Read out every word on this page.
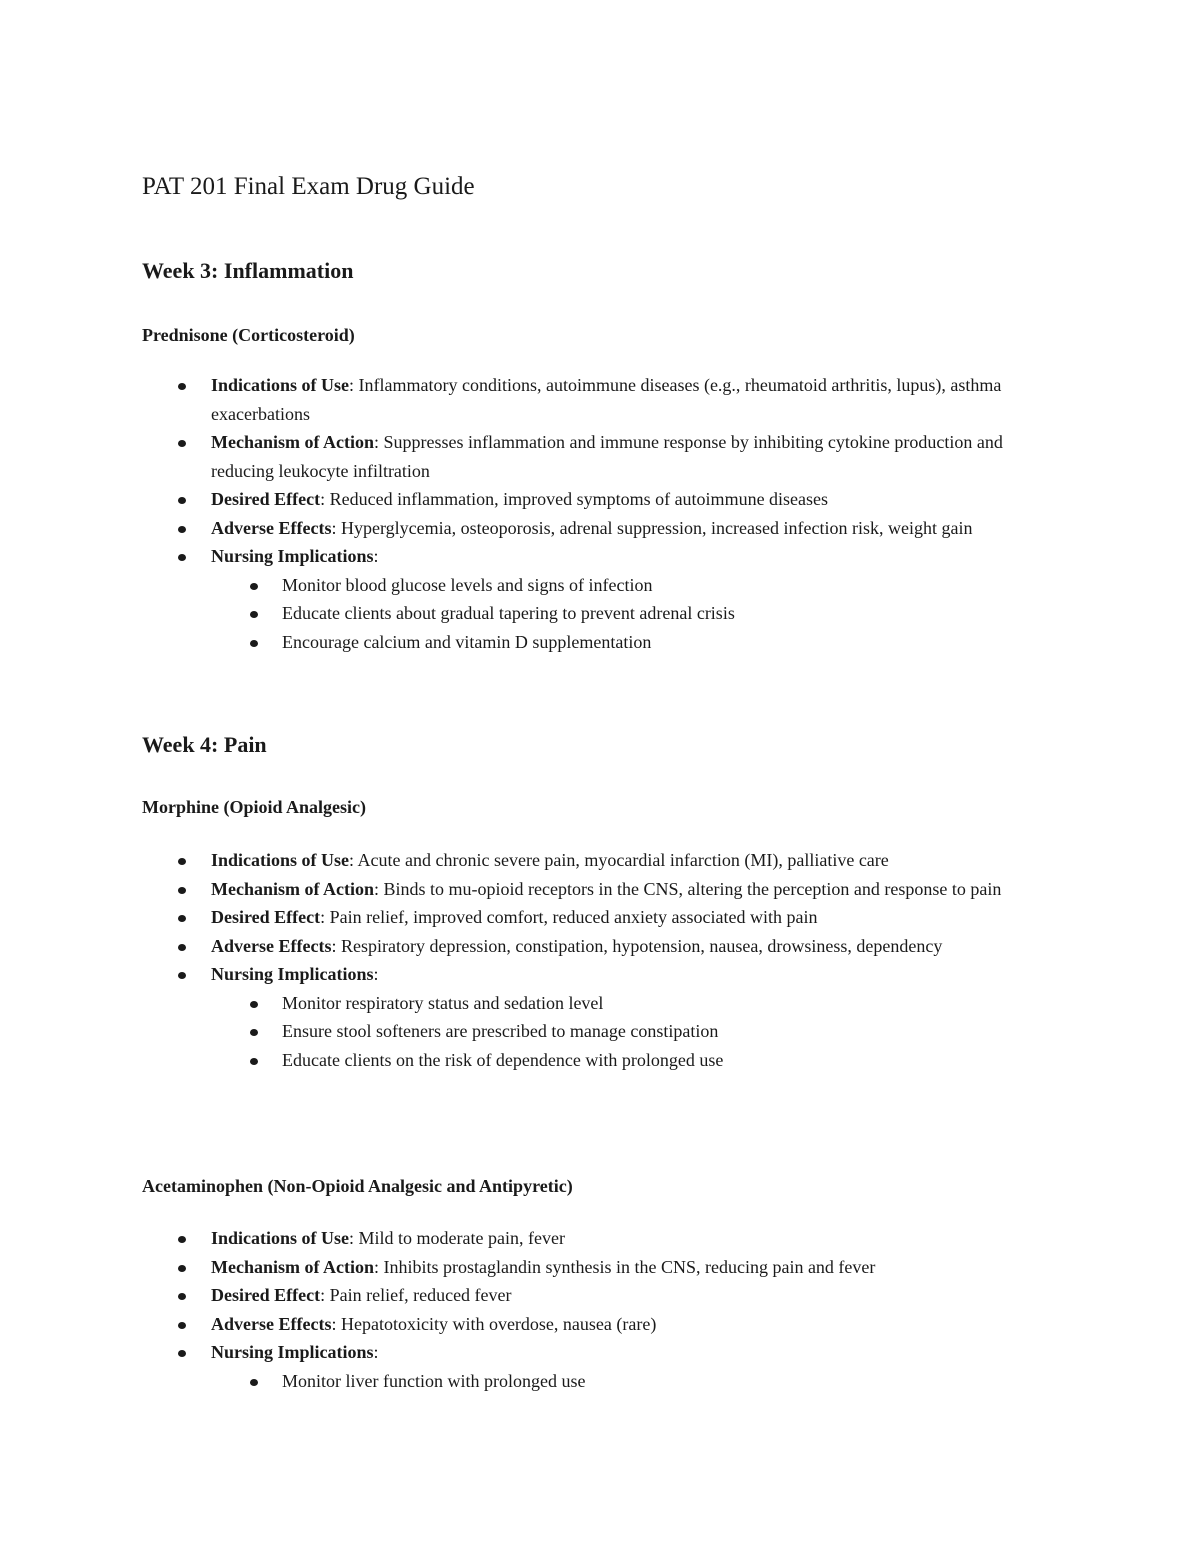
PAT 201 Final Exam Drug Guide
Week 3: Inflammation
Prednisone (Corticosteroid)
Indications of Use: Inflammatory conditions, autoimmune diseases (e.g., rheumatoid arthritis, lupus), asthma exacerbations
Mechanism of Action: Suppresses inflammation and immune response by inhibiting cytokine production and reducing leukocyte infiltration
Desired Effect: Reduced inflammation, improved symptoms of autoimmune diseases
Adverse Effects: Hyperglycemia, osteoporosis, adrenal suppression, increased infection risk, weight gain
Nursing Implications:
Monitor blood glucose levels and signs of infection
Educate clients about gradual tapering to prevent adrenal crisis
Encourage calcium and vitamin D supplementation
Week 4: Pain
Morphine (Opioid Analgesic)
Indications of Use: Acute and chronic severe pain, myocardial infarction (MI), palliative care
Mechanism of Action: Binds to mu-opioid receptors in the CNS, altering the perception and response to pain
Desired Effect: Pain relief, improved comfort, reduced anxiety associated with pain
Adverse Effects: Respiratory depression, constipation, hypotension, nausea, drowsiness, dependency
Nursing Implications:
Monitor respiratory status and sedation level
Ensure stool softeners are prescribed to manage constipation
Educate clients on the risk of dependence with prolonged use
Acetaminophen (Non-Opioid Analgesic and Antipyretic)
Indications of Use: Mild to moderate pain, fever
Mechanism of Action: Inhibits prostaglandin synthesis in the CNS, reducing pain and fever
Desired Effect: Pain relief, reduced fever
Adverse Effects: Hepatotoxicity with overdose, nausea (rare)
Nursing Implications:
Monitor liver function with prolonged use
